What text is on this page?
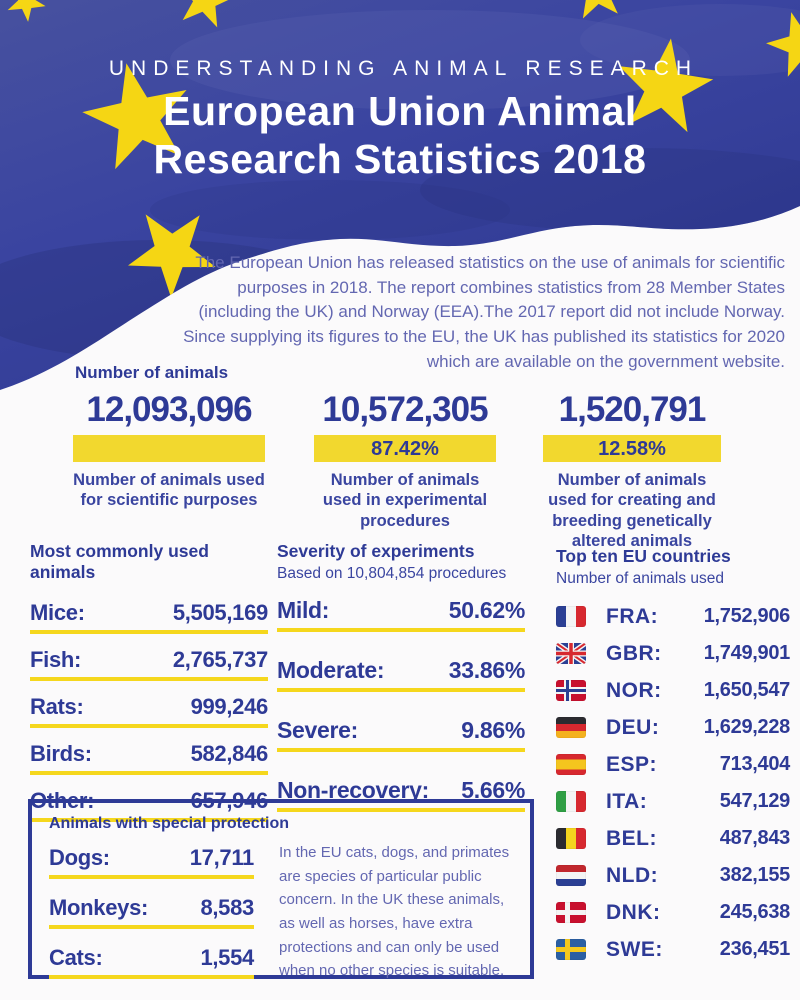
UNDERSTANDING ANIMAL RESEARCH
European Union Animal
Research Statistics 2018

The European Union has released statistics on the use of animals for scientific purposes in 2018. The report combines statistics from 28 Member States (including the UK) and Norway (EEA).The 2017 report did not include Norway. Since supplying its figures to the EU, the UK has published its statistics for 2020 which are available on the government website.

Number of animals
12,093,096
Number of animals used for scientific purposes
10,572,305
87.42%
Number of animals used in experimental procedures
1,520,791
12.58%
Number of animals used for creating and breeding genetically altered animals
Most commonly used animals
Mice:	5,505,169
Fish:	2,765,737
Rats:	999,246
Birds:	582,846
Other:	657,946
Severity of experiments
Based on 10,804,854 procedures
Mild:	50.62%
Moderate:	33.86%
Severe:	9.86%
Non-recovery: 5.66%
Top ten EU countries
Number of animals used
FRA: 1,752,906
GBR: 1,749,901
NOR: 1,650,547
DEU: 1,629,228
ESP:	713,404
ITA:	547,129
BEL:	487,843
NLD:	382,155
DNK:	245,638
SWE:	236,451
Animals with special protection
Dogs:	17,711
Monkeys: 8,583
Cats:	1,554
In the EU cats, dogs, and primates are species of particular public concern. In the UK these animals, as well as horses, have extra protections and can only be used when no other species is suitable.
